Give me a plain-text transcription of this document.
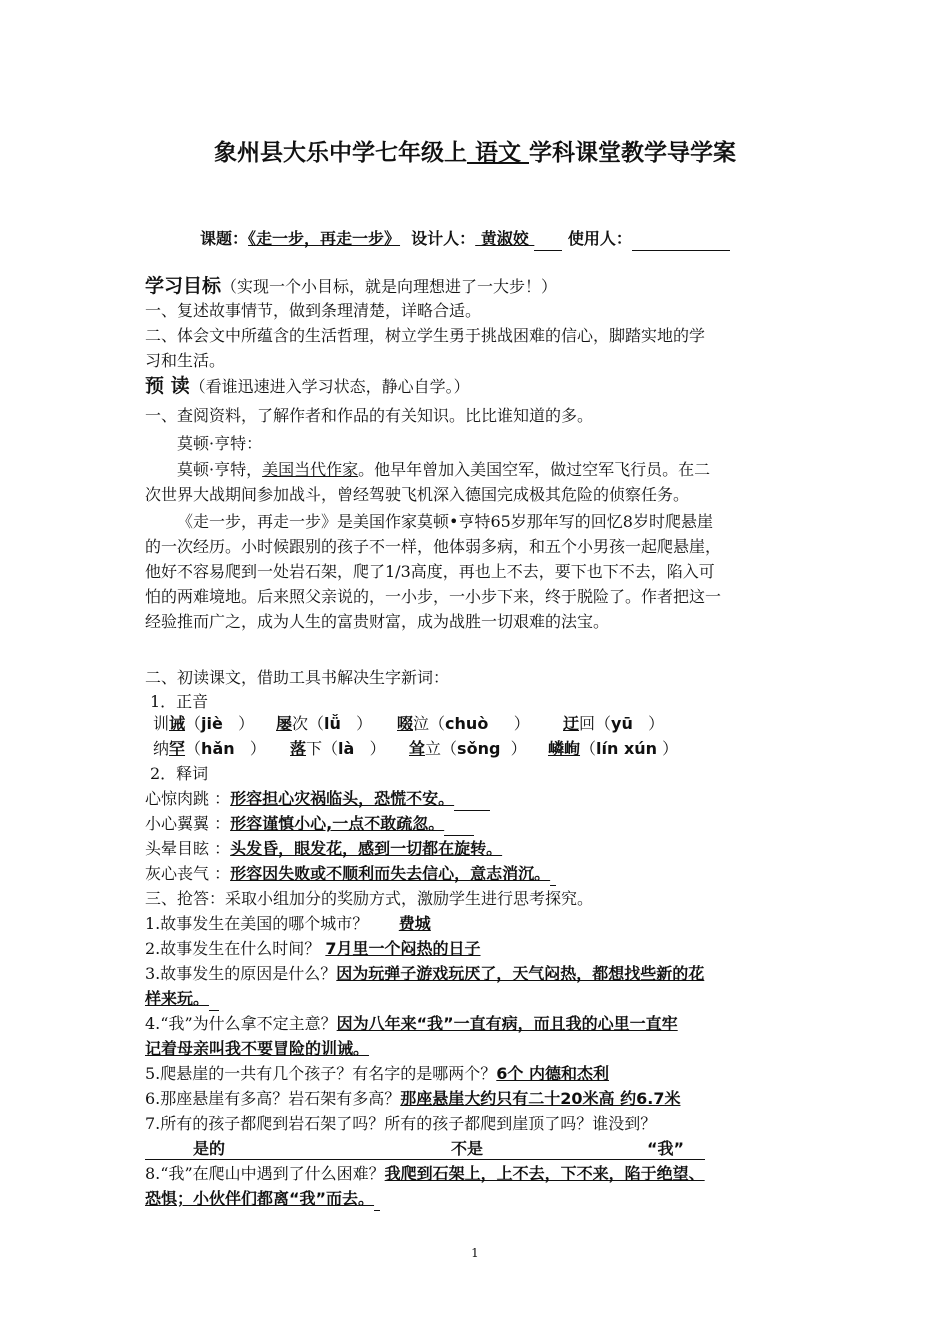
象州县大乐中学七年级上 语文 学科课堂教学导学案
课题：《走一步，再走一步》 设计人： 黄淑姣  使用人：
学习目标（实现一个小目标，就是向理想进了一大步！）
一、复述故事情节，做到条理清楚，详略合适。
二、体会文中所蕴含的生活哲理，树立学生勇于挑战困难的信心，脚踏实地的学
习和生活。
预 读（看谁迅速进入学习状态，静心自学。）
一、查阅资料，了解作者和作品的有关知识。比比谁知道的多。
莫顿·亨特：
莫顿·亨特，美国当代作家。他早年曾加入美国空军，做过空军飞行员。在二
次世界大战期间参加战斗，曾经驾驶飞机深入德国完成极其危险的侦察任务。
《走一步，再走一步》是美国作家莫顿•亨特65岁那年写的回忆8岁时爬悬崖
的一次经历。小时候跟别的孩子不一样，他体弱多病，和五个小男孩一起爬悬崖，
他好不容易爬到一处岩石架，爬了1/3高度，再也上不去，要下也下不去，陷入可
怕的两难境地。后来照父亲说的，一小步，一小步下来，终于脱险了。作者把这一
经验推而广之，成为人生的富贵财富，成为战胜一切艰难的法宝。
二、初读课文，借助工具书解决生字新词：
1．正音
训诫（jiè   ） 屡次（lǚ   ） 啜泣（chuò     ） 迂回（yū   ）
纳罕（hǎn   ） 落下（là   ） 耸立（sǒng  ） 嶙峋（lín xún ）
2．释词
心惊肉跳 ：形容担心灾祸临头，恐慌不安。
小心翼翼 ：形容谨慎小心,一点不敢疏忽。
头晕目眩 ：头发昏，眼发花，感到一切都在旋转。
灰心丧气 ：形容因失败或不顺利而失去信心，意志消沉。
三、抢答：采取小组加分的奖励方式，激励学生进行思考探究。
1.故事发生在美国的哪个城市？ 费城
2.故事发生在什么时间？ 7月里一个闷热的日子
3.故事发生的原因是什么？因为玩弹子游戏玩厌了，天气闷热，都想找些新的花
样来玩。
4.“我”为什么拿不定主意？因为八年来“我”一直有病，而且我的心里一直牢
记着母亲叫我不要冒险的训诫。
5.爬悬崖的一共有几个孩子？有名字的是哪两个？6个 内德和杰利
6.那座悬崖有多高？岩石架有多高？那座悬崖大约只有二十20米高 约6.7米
7.所有的孩子都爬到岩石架了吗？所有的孩子都爬到崖顶了吗？谁没到？
是的	不是	“我”
8.“我”在爬山中遇到了什么困难？我爬到石架上，上不去，下不来，陷于绝望、
恐惧；小伙伴们都离“我”而去。
1
